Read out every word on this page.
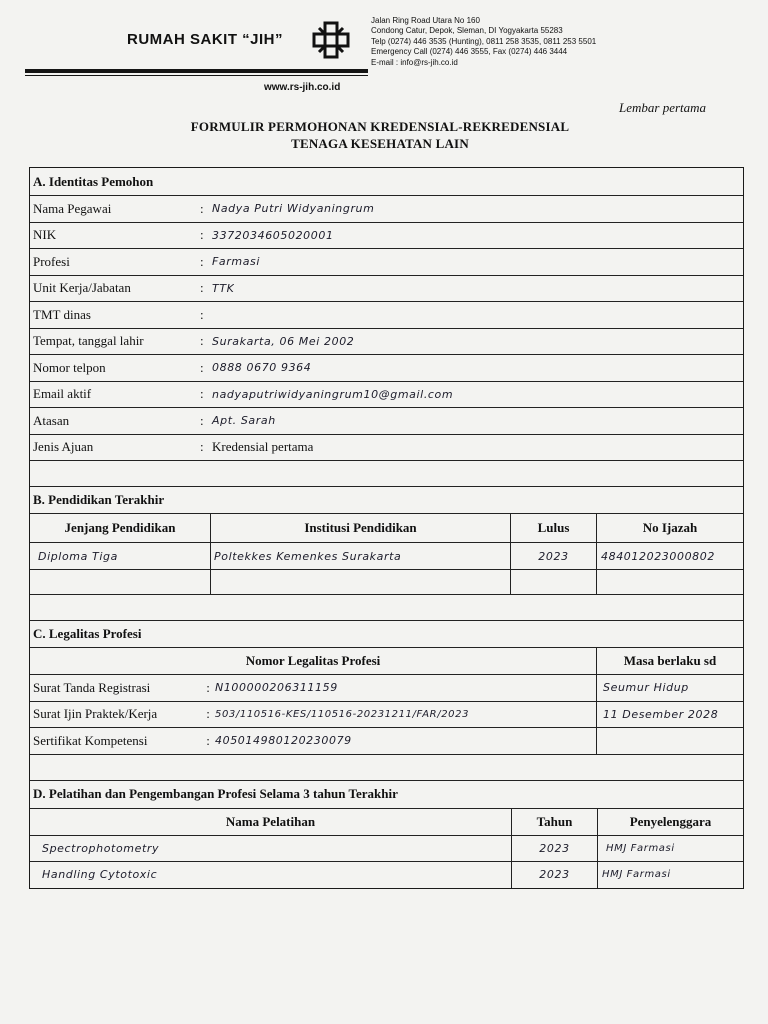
RUMAH SAKIT “JIH”
Jalan Ring Road Utara No 160
Condong Catur, Depok, Sleman, DI Yogyakarta 55283
Telp (0274) 446 3535 (Hunting), 0811 258 3535, 0811 253 5501
Emergency Call (0274) 446 3555, Fax (0274) 446 3444
E-mail : info@rs-jih.co.id
www.rs-jih.co.id
Lembar pertama
FORMULIR PERMOHONAN KREDENSIAL-REKREDENSIAL
TENAGA KESEHATAN LAIN
A. Identitas Pemohon
Nama Pegawai	: Nadya Putri Widyaningrum
NIK	: 3372034605020001
Profesi	: Farmasi
Unit Kerja/Jabatan	: TTK
TMT dinas	:
Tempat, tanggal lahir	: Surakarta, 06 Mei 2002
Nomor telpon	: 0888 0670 9364
Email aktif	: nadyaputriwidyaningrum10@gmail.com
Atasan	: Apt. Sarah
Jenis Ajuan	: Kredensial pertama
B. Pendidikan Terakhir
Jenjang Pendidikan	Institusi Pendidikan	Lulus	No Ijazah
Diploma Tiga	Poltekkes Kemenkes Surakarta	2023	484012023000802
C. Legalitas Profesi
Nomor Legalitas Profesi	Masa berlaku sd
Surat Tanda Registrasi	: N100000206311159	Seumur Hidup
Surat Ijin Praktek/Kerja	: 503/110516-KES/110516-20231211/FAR/2023	11 Desember 2028
Sertifikat Kompetensi	: 405014980120230079
D. Pelatihan dan Pengembangan Profesi Selama 3 tahun Terakhir
Nama Pelatihan	Tahun	Penyelenggara
Spectrophotometry	2023	HMJ Farmasi
Handling Cytotoxic	2023	HMJ Farmasi
